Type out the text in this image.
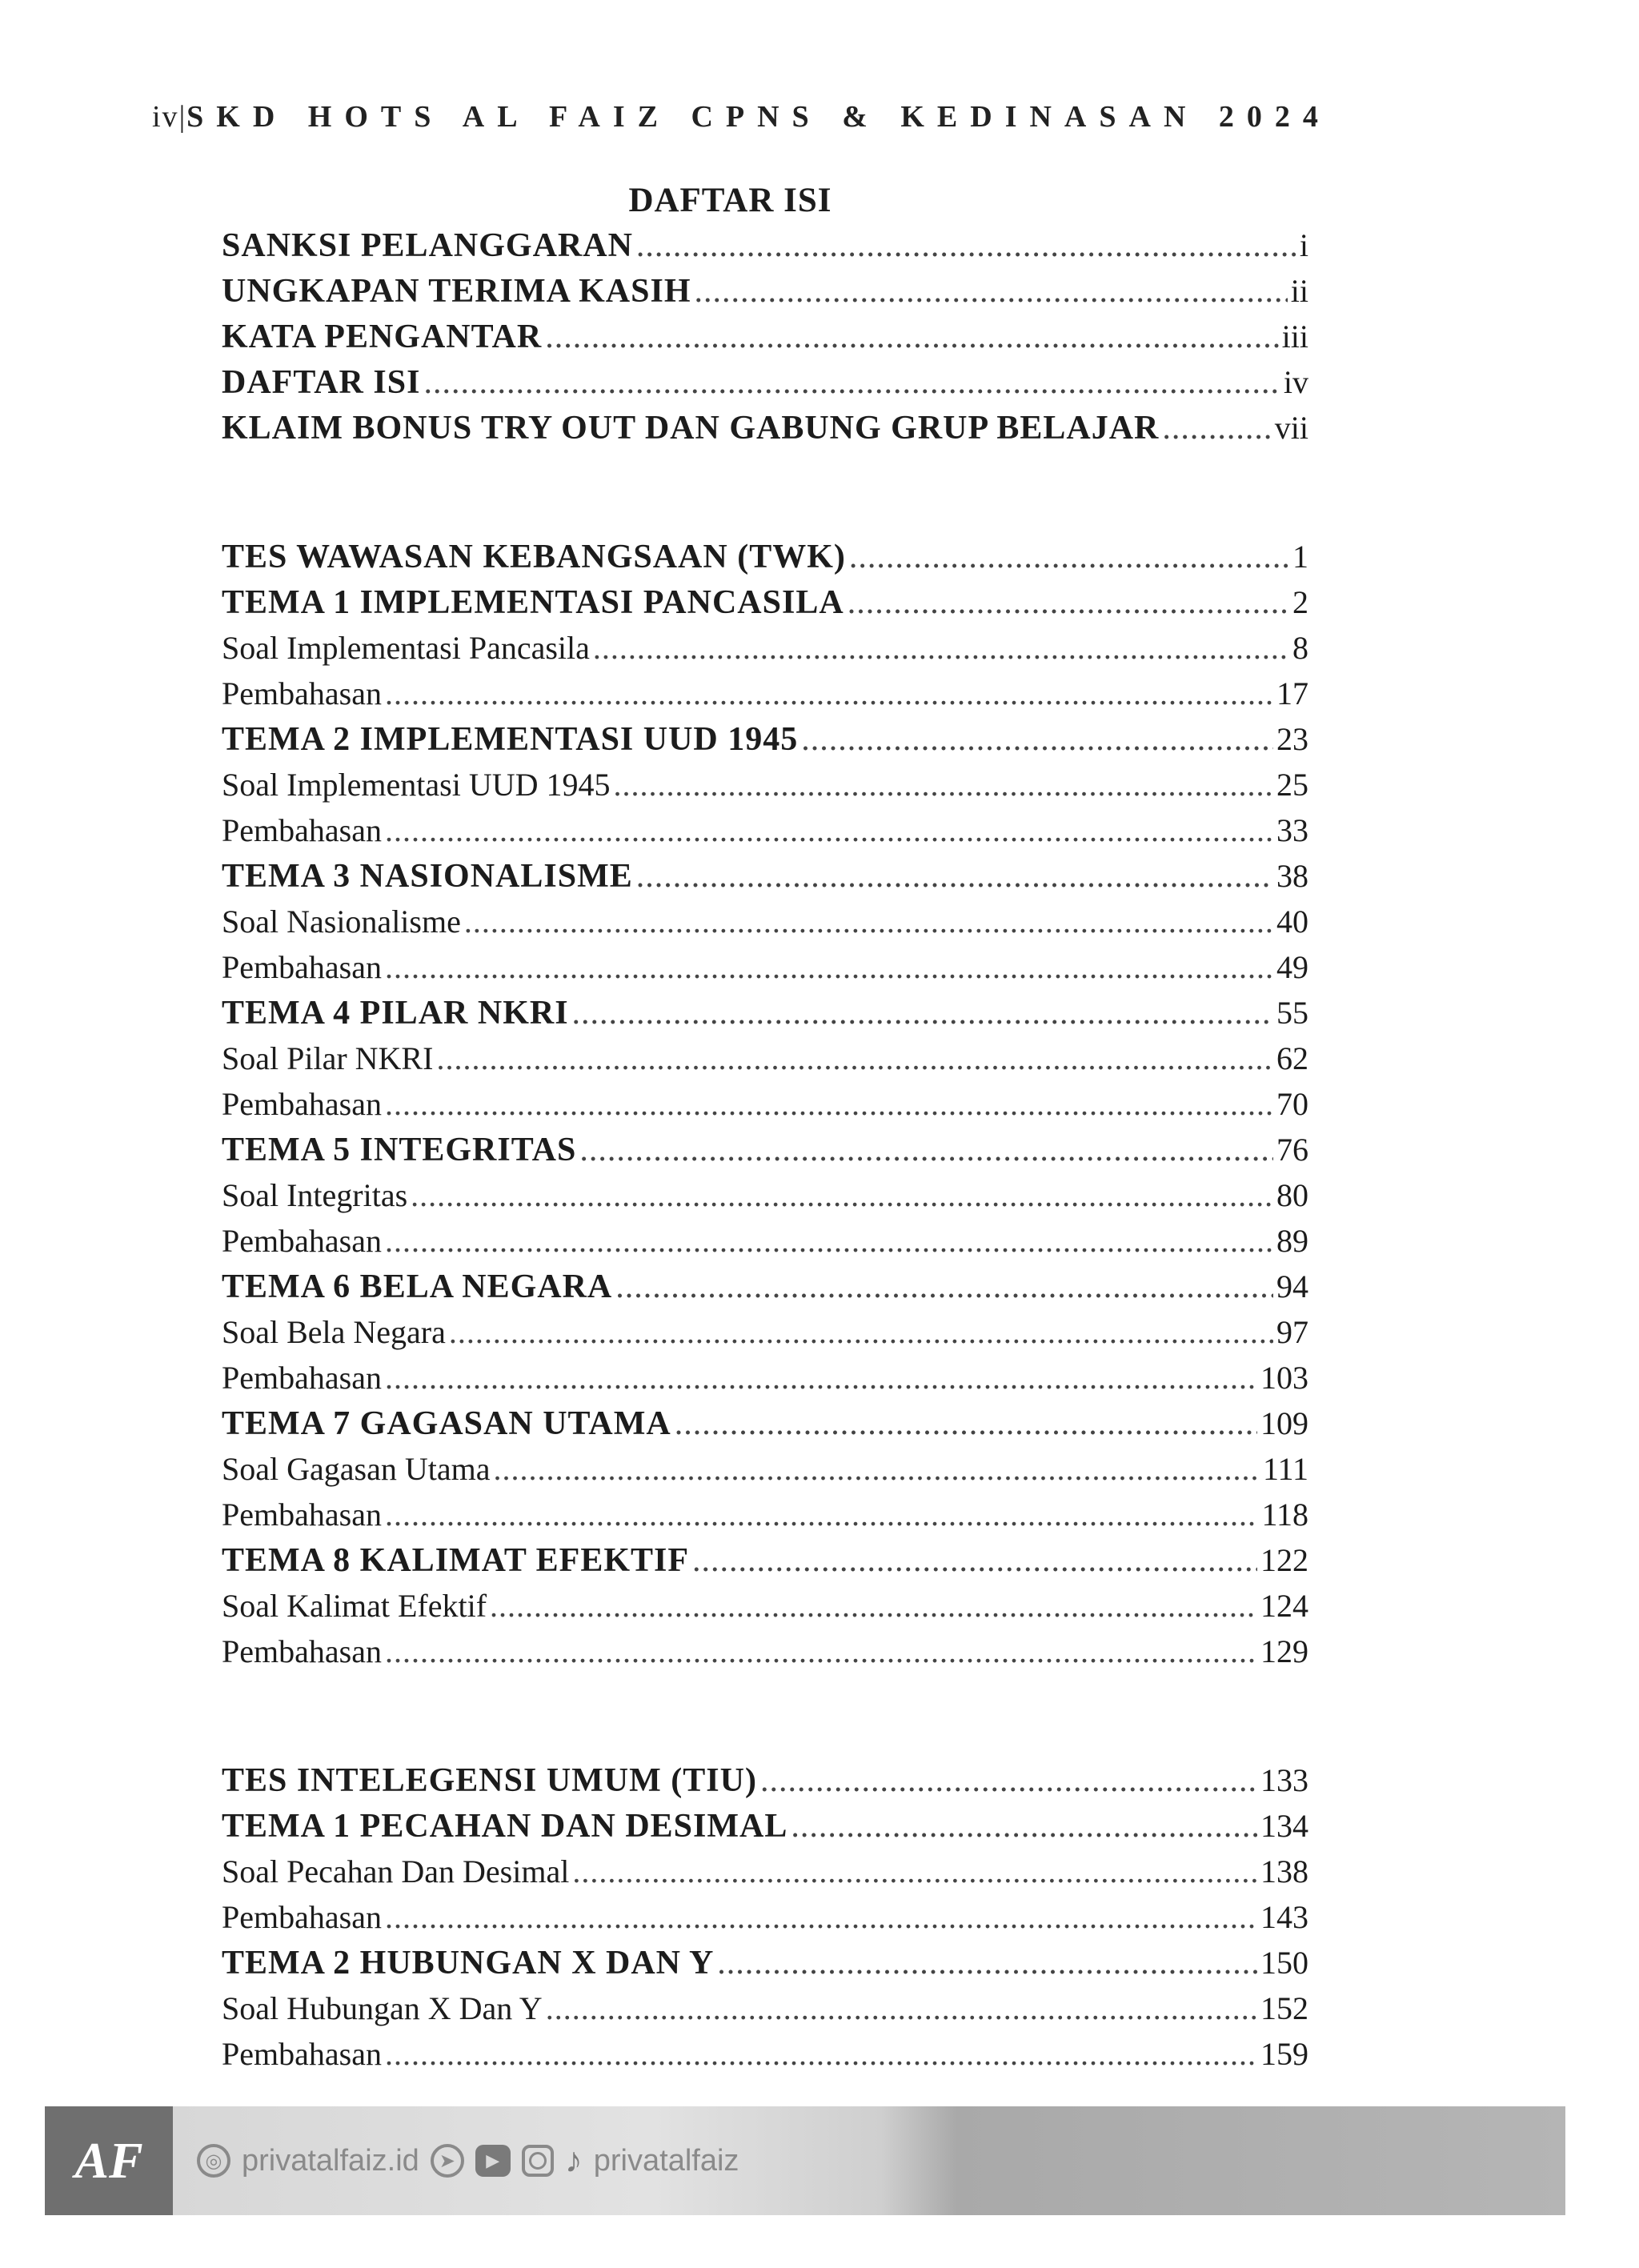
iv|SKD HOTS AL FAIZ CPNS & KEDINASAN 2024
DAFTAR ISI
SANKSI PELANGGARAN .....	i
UNGKAPAN TERIMA KASIH .....	ii
KATA PENGANTAR .....	iii
DAFTAR ISI .....	iv
KLAIM BONUS TRY OUT DAN GABUNG GRUP BELAJAR .....	vii
TES WAWASAN KEBANGSAAN (TWK) .....	1
TEMA 1 IMPLEMENTASI PANCASILA .....	2
Soal Implementasi Pancasila .....	8
Pembahasan .....	17
TEMA 2 IMPLEMENTASI UUD 1945 .....	23
Soal Implementasi UUD 1945 .....	25
Pembahasan .....	33
TEMA 3 NASIONALISME .....	38
Soal Nasionalisme .....	40
Pembahasan .....	49
TEMA 4 PILAR NKRI .....	55
Soal Pilar NKRI .....	62
Pembahasan .....	70
TEMA 5 INTEGRITAS .....	76
Soal Integritas .....	80
Pembahasan .....	89
TEMA 6 BELA NEGARA .....	94
Soal Bela Negara .....	97
Pembahasan .....	103
TEMA 7 GAGASAN UTAMA .....	109
Soal Gagasan Utama .....	111
Pembahasan .....	118
TEMA 8 KALIMAT EFEKTIF .....	122
Soal Kalimat Efektif .....	124
Pembahasan .....	129
TES INTELEGENSI UMUM (TIU) .....	133
TEMA 1 PECAHAN DAN DESIMAL .....	134
Soal Pecahan Dan Desimal .....	138
Pembahasan .....	143
TEMA 2 HUBUNGAN X DAN Y .....	150
Soal Hubungan X Dan Y .....	152
Pembahasan .....	159
AF	◎ privatalfaiz.id	➤	▶	♪ privatalfaiz
